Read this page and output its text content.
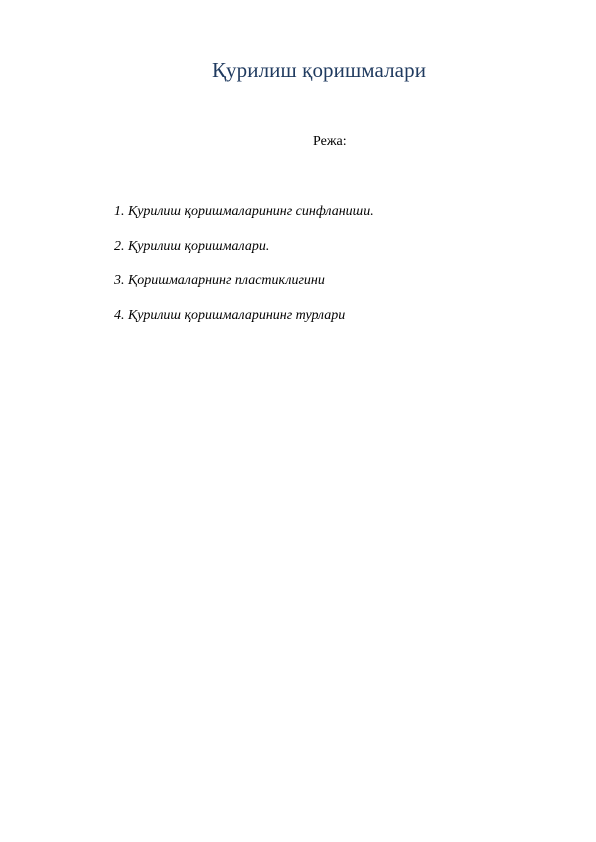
Қурилиш қоришмалари
Режа:
1. Қурилиш қоришмаларининг синфланиши.
2. Қурилиш қоришмалари.
3. Қоришмаларнинг пластиклигини
4. Қурилиш қоришмаларининг турлари
